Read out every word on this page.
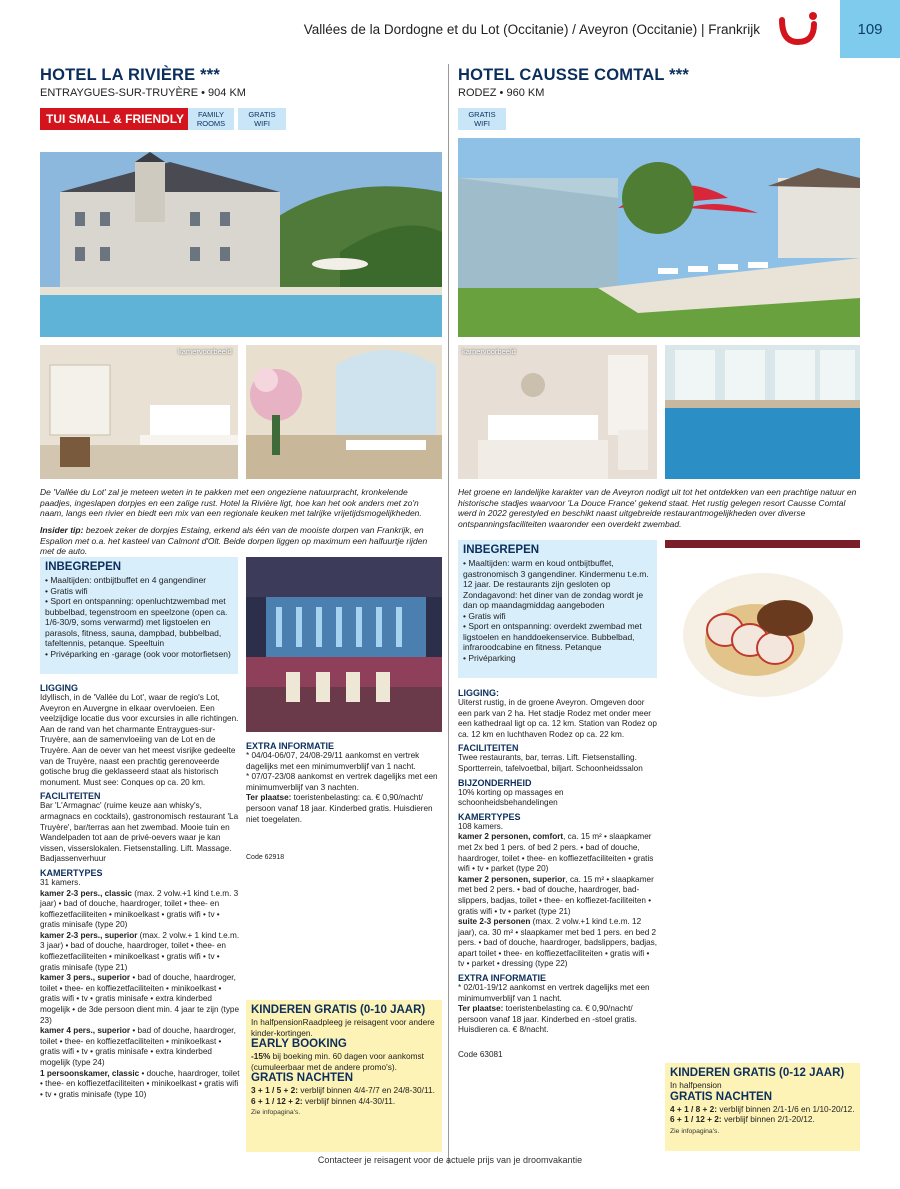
Vallées de la Dordogne et du Lot (Occitanie) / Aveyron (Occitanie) | Frankrijk	109
HOTEL LA RIVIÈRE ***
ENTRAYGUES-SUR-TRUYÈRE • 904 KM
TUI SMALL & FRIENDLY	FAMILY ROOMS
GRATIS WIFI
kamervoorbeeld
De 'Vallée du Lot' zal je meteen weten in te pakken met een ongeziene natuurpracht, kronkelende paadjes, ingeslapen dorpjes en een zalige rust. Hotel la Rivière ligt, hoe kan het ook anders met zo'n naam, langs een rivier en biedt een mix van een regionale keuken met talrijke vrijetijdsmogelijkheden.
Insider tip: bezoek zeker de dorpjes Estaing, erkend als één van de mooiste dorpen van Frankrijk, en Espalion met o.a. het kasteel van Calmont d'Olt. Beide dorpen liggen op maximum een halfuurtje rijden met de auto.
INBEGREPEN

• Maaltijden: ontbijtbuffet en 4 gangendiner

• Gratis wifi

• Sport en ontspanning: openluchtzwembad met bubbelbad, tegenstroom en speelzone (open ca. 1/6-30/9, soms verwarmd) met ligstoelen en parasols, fitness, sauna, dampbad, bubbelbad, tafeltennis, petanque. Speeltuin

• Privéparking en -garage (ook voor motorfietsen)

LIGGING

Idyllisch, in de 'Vallée du Lot', waar de regio's Lot, Aveyron en Auvergne in elkaar overvloeien. Een veelzijdige locatie dus voor excursies in alle richtingen. Aan de rand van het charmante Entraygues-sur-Truyère, aan de samenvloeiing van de Lot en de Truyère. Aan de oever van het meest visrijke gedeelte van de Truyère, naast een prachtig gerenoveerde gotische brug die geklasseerd staat als historisch monument. Must see: Conques op ca. 20 km.

FACILITEITEN

Bar 'L'Armagnac' (ruime keuze aan whisky's, armagnacs en cocktails), gastronomisch restaurant 'La Truyère', bar/terras aan het zwembad. Mooie tuin en Wandelpaden tot aan de privé-oevers waar je kan vissen, visserslokalen. Fietsenstalling. Lift. Massage. Badjassenverhuur

KAMERTYPES

31 kamers.

kamer 2-3 pers., classic (max. 2 volw.+1 kind t.e.m. 3 jaar) • bad of douche, haardroger, toilet • thee- en koffiezetfaciliteiten • minikoelkast • gratis wifi • tv • gratis minisafe (type 20)

kamer 2-3 pers., superior (max. 2 volw.+ 1 kind t.e.m. 3 jaar) • bad of douche, haardroger, toilet • thee- en koffiezetfaciliteiten • minikoelkast • gratis wifi • tv • gratis minisafe (type 21)

kamer 3 pers., superior • bad of douche, haardroger, toilet • thee- en koffiezetfaciliteiten • minikoelkast • gratis wifi • tv • gratis minisafe • extra kinderbed mogelijk • de 3de persoon dient min. 4 jaar te zijn (type 23)

kamer 4 pers., superior • bad of douche, haardroger, toilet • thee- en koffiezetfaciliteiten • minikoelkast • gratis wifi • tv • gratis minisafe • extra kinderbed mogelijk (type 24)

1 persoonskamer, classic • douche, haardroger, toilet • thee- en koffiezetfaciliteiten • minikoelkast • gratis wifi • tv • gratis minisafe (type 10)

EXTRA INFORMATIE

* 04/04-06/07, 24/08-29/11 aankomst en vertrek dagelijks met een minimumverblijf van 1 nacht.

* 07/07-23/08 aankomst en vertrek dagelijks met een minimumverblijf van 3 nachten.

Ter plaatse: toeristenbelasting: ca. € 0,90/nacht/ persoon vanaf 18 jaar. Kinderbed gratis. Huisdieren niet toegelaten.

Code 62918
KINDEREN GRATIS (0-10 JAAR)

In halfpensionRaadpleeg je reisagent voor andere kinder-kortingen.

EARLY BOOKING

-15% bij boeking min. 60 dagen voor aankomst (cumuleerbaar met de andere promo's).

GRATIS NACHTEN

3 + 1 / 5 + 2: verblijf binnen 4/4-7/7 en 24/8-30/11.

6 + 1 / 12 + 2: verblijf binnen 4/4-30/11.

Zie infopagina's.
HOTEL CAUSSE COMTAL ***
RODEZ • 960 KM
GRATIS WIFI
kamervoorbeeld
Het groene en landelijke karakter van de Aveyron nodigt uit tot het ontdekken van een prachtige natuur en historische stadjes waarvoor 'La Douce France' gekend staat. Het rustig gelegen resort Causse Comtal werd in 2022 gerestyled en beschikt naast uitgebreide restaurantmogelijkheden over diverse ontspanningsfaciliteiten waaronder een overdekt zwembad.
INBEGREPEN

• Maaltijden: warm en koud ontbijtbuffet, gastronomisch 3 gangendiner. Kindermenu t.e.m. 12 jaar. De restaurants zijn gesloten op Zondagavond: het diner van de zondag wordt je dan op maandagmiddag aangeboden

• Gratis wifi

• Sport en ontspanning: overdekt zwembad met ligstoelen en handdoekenservice. Bubbelbad, infraroodcabine en fitness. Petanque

• Privéparking

LIGGING:

Uiterst rustig, in de groene Aveyron. Omgeven door een park van 2 ha. Het stadje Rodez met onder meer een kathedraal ligt op ca. 12 km. Station van Rodez op ca. 12 km en luchthaven Rodez op ca. 22 km.

FACILITEITEN

Twee restaurants, bar, terras. Lift. Fietsenstalling. Sportterrein, tafelvoetbal, biljart. Schoonheidssalon

BIJZONDERHEID

10% korting op massages en schoonheidsbehandelingen

KAMERTYPES

108 kamers.

kamer 2 personen, comfort, ca. 15 m² • slaapkamer met 2x bed 1 pers. of bed 2 pers. • bad of douche, haardroger, toilet • thee- en koffiezetfaciliteiten • gratis wifi • tv • parket (type 20)

kamer 2 personen, superior, ca. 15 m² • slaapkamer met bed 2 pers. • bad of douche, haardroger, bad-slippers, badjas, toilet • thee- en koffiezet-faciliteiten • gratis wifi • tv • parket (type 21)

suite 2-3 personen (max. 2 volw.+1 kind t.e.m. 12 jaar), ca. 30 m² • slaapkamer met bed 1 pers. en bed 2 pers. • bad of douche, haardroger, badslippers, badjas, apart toilet • thee- en koffiezetfaciliteiten • gratis wifi • tv • parket • dressing (type 22)

EXTRA INFORMATIE

* 02/01-19/12 aankomst en vertrek dagelijks met een minimumverblijf van 1 nacht.

Ter plaatse: toeristenbelasting ca. € 0,90/nacht/ persoon vanaf 18 jaar. Kinderbed en -stoel gratis. Huisdieren ca. € 8/nacht.

Code 63081

KINDEREN GRATIS (0-12 JAAR)

In halfpension

GRATIS NACHTEN

4 + 1 / 8 + 2: verblijf binnen 2/1-1/6 en 1/10-20/12.

6 + 1 / 12 + 2: verblijf binnen 2/1-20/12.

Zie infopagina's.
Contacteer je reisagent voor de actuele prijs van je droomvakantie
